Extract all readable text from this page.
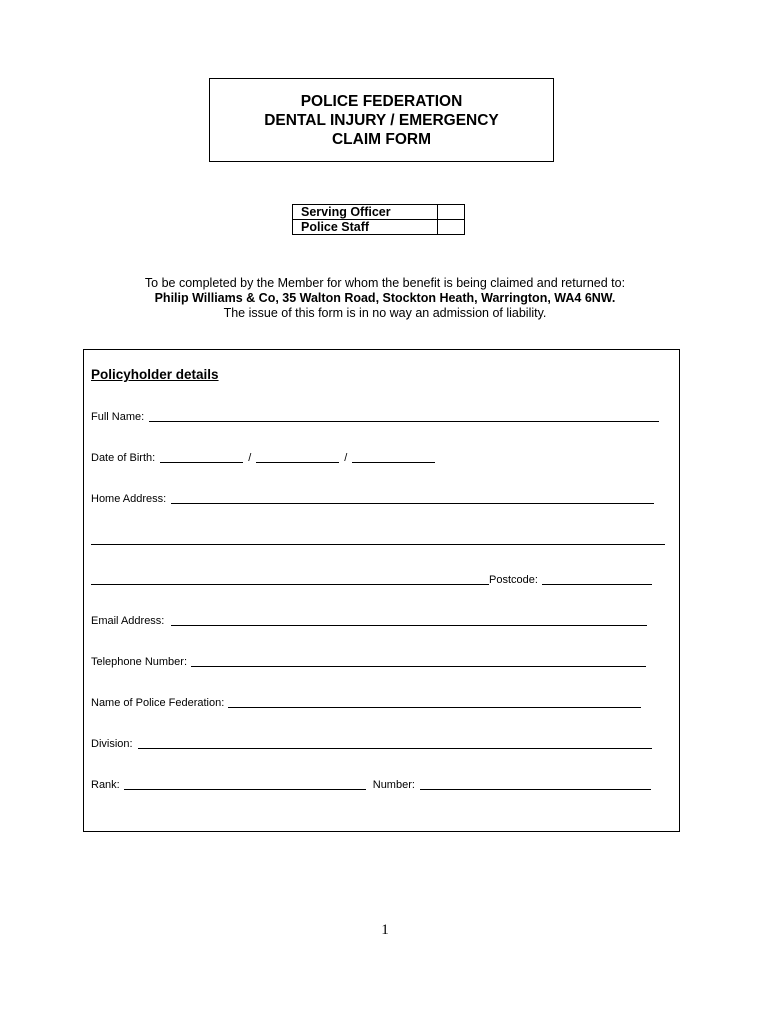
POLICE FEDERATION
DENTAL INJURY / EMERGENCY
CLAIM FORM
Serving Officer	
Police Staff	
To be completed by the Member for whom the benefit is being claimed and returned to:
Philip Williams & Co, 35 Walton Road, Stockton Heath, Warrington, WA4 6NW.
The issue of this form is in no way an admission of liability.
Policyholder details
Full Name:
Date of Birth:	/	/
Home Address:
Postcode:
Email Address:
Telephone Number:
Name of Police Federation:
Division:
Rank:	Number:
1
